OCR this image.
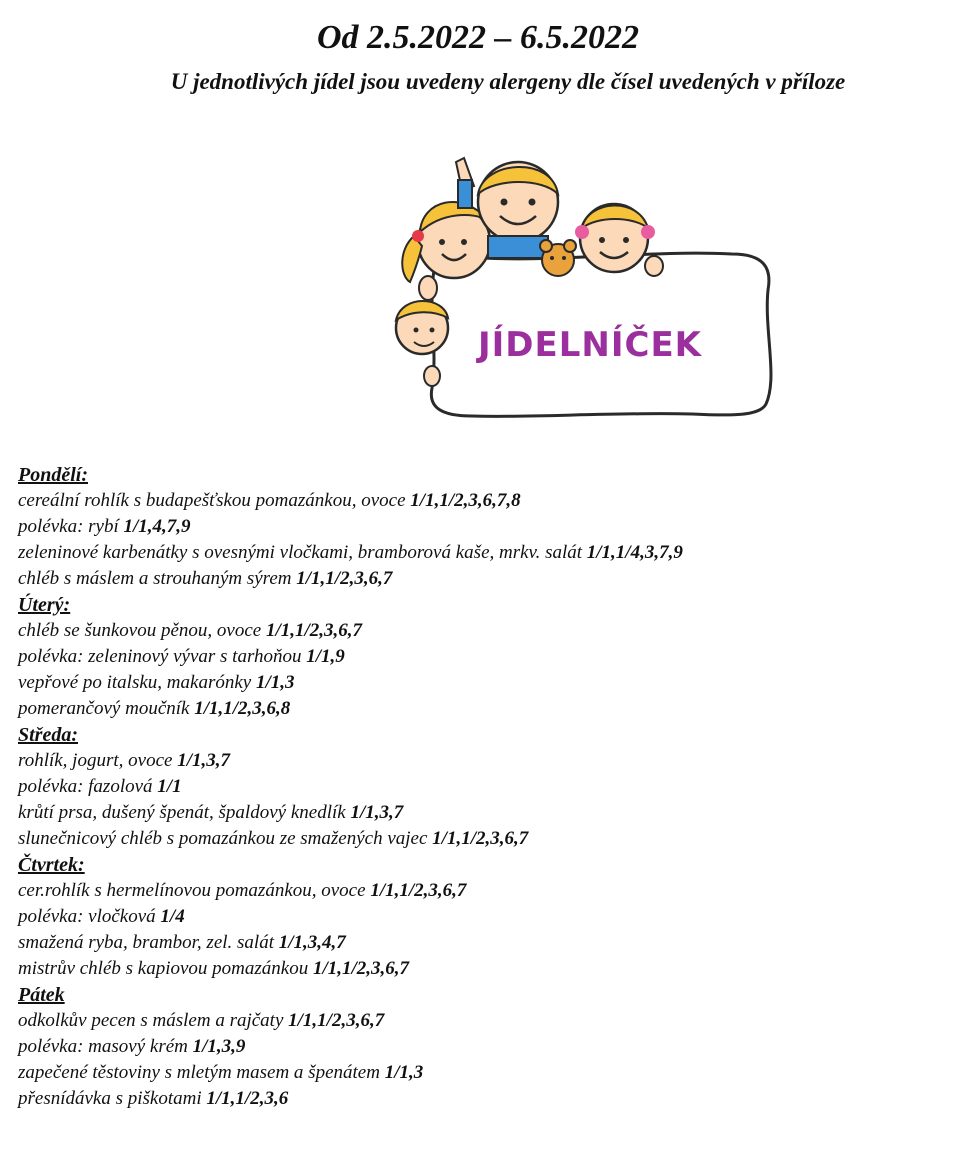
Od 2.5.2022 – 6.5.2022
U jednotlivých jídel jsou uvedeny alergeny dle čísel uvedených v příloze
JÍDELNÍČEK
Pondělí:
cereální rohlík s budapešťskou pomazánkou, ovoce 1/1,1/2,3,6,7,8
polévka: rybí 1/1,4,7,9
zeleninové karbenátky s ovesnými vločkami, bramborová kaše, mrkv. salát 1/1,1/4,3,7,9
chléb s máslem a strouhaným sýrem 1/1,1/2,3,6,7
Úterý:
chléb se šunkovou pěnou, ovoce 1/1,1/2,3,6,7
polévka: zeleninový vývar s tarhoňou 1/1,9
vepřové po italsku, makarónky 1/1,3
pomerančový moučník 1/1,1/2,3,6,8
Středa:
rohlík, jogurt, ovoce 1/1,3,7
polévka: fazolová 1/1
krůtí prsa, dušený špenát, špaldový knedlík 1/1,3,7
slunečnicový chléb s pomazánkou ze smažených vajec 1/1,1/2,3,6,7
Čtvrtek:
cer.rohlík s hermelínovou pomazánkou, ovoce 1/1,1/2,3,6,7
polévka: vločková 1/4
smažená ryba, brambor, zel. salát 1/1,3,4,7
mistrův chléb s kapiovou pomazánkou 1/1,1/2,3,6,7
Pátek
odkolkův pecen s máslem a rajčaty 1/1,1/2,3,6,7
polévka: masový krém 1/1,3,9
zapečené těstoviny s mletým masem a špenátem 1/1,3
přesnídávka s piškotami 1/1,1/2,3,6
